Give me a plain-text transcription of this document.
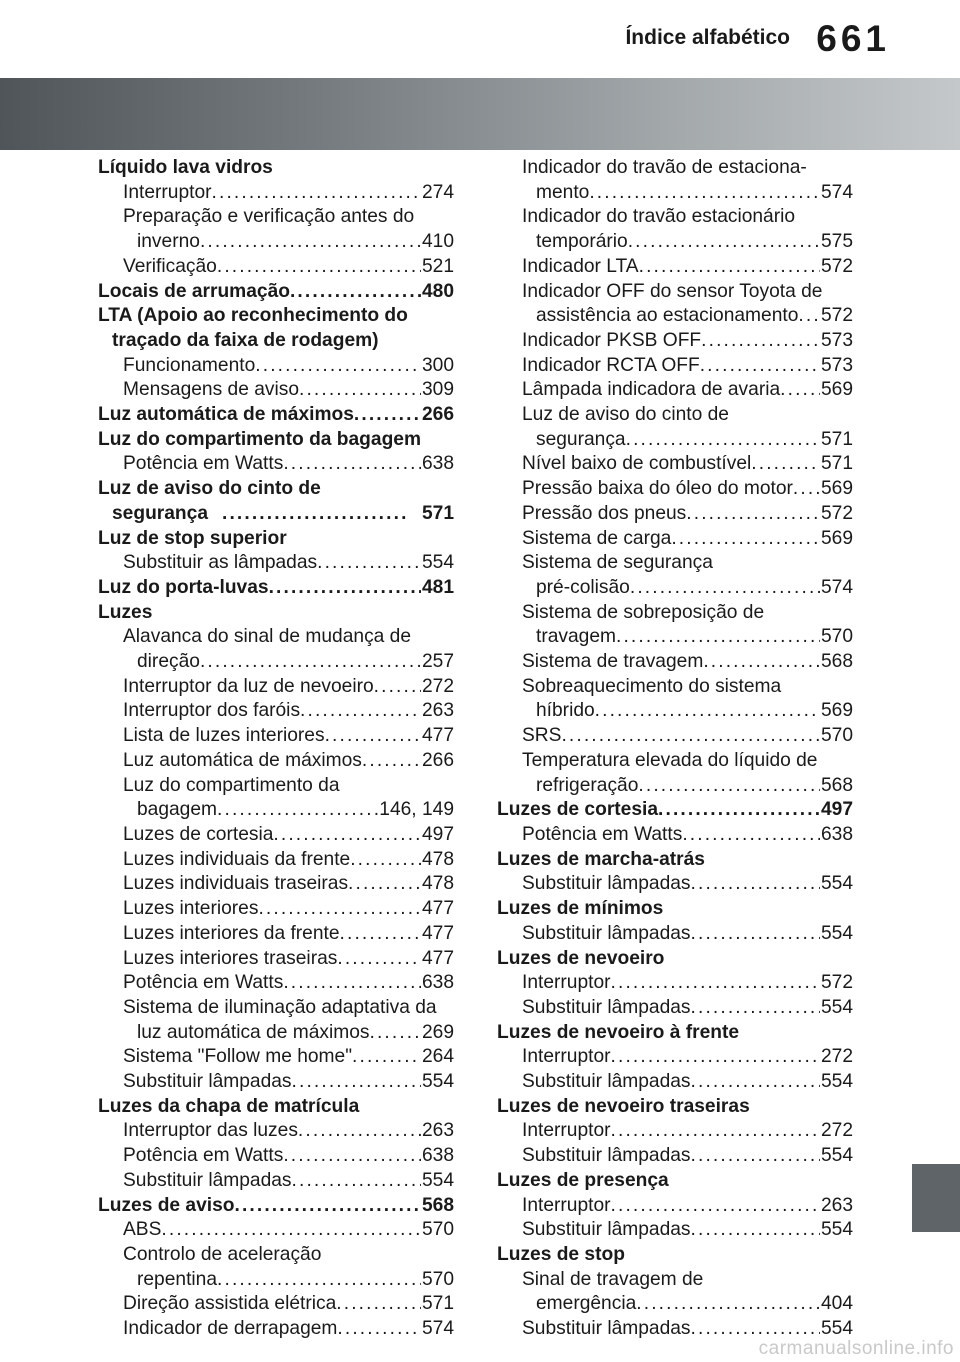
Índice alfabético 661
Líquido lava vidros
Interruptor . . .	274
Preparação e verificação antes do
inverno . . .	410
Verificação . . .	521
Locais de arrumação . . .	480
LTA (Apoio ao reconhecimento do
traçado da faixa de rodagem)
Funcionamento . . .	300
Mensagens de aviso . . .	309
Luz automática de máximos . . .	266
Luz do compartimento da bagagem
Potência em Watts . . .	638
Luz de aviso do cinto de
segurança . . .	571
Luz de stop superior
Substituir as lâmpadas . . .	554
Luz do porta-luvas . . .	481
Luzes
Alavanca do sinal de mudança de
direção . . .	257
Interruptor da luz de nevoeiro . . .	272
Interruptor dos faróis . . .	263
Lista de luzes interiores . . .	477
Luz automática de máximos . . .	266
Luz do compartimento da
bagagem . . .	146, 149
Luzes de cortesia . . .	497
Luzes individuais da frente . . .	478
Luzes individuais traseiras . . .	478
Luzes interiores . . .	477
Luzes interiores da frente . . .	477
Luzes interiores traseiras . . .	477
Potência em Watts . . .	638
Sistema de iluminação adaptativa da
luz automática de máximos . . .	269
Sistema "Follow me home" . . .	264
Substituir lâmpadas . . .	554
Luzes da chapa de matrícula
Interruptor das luzes . . .	263
Potência em Watts . . .	638
Substituir lâmpadas . . .	554
Luzes de aviso . . .	568
ABS . . .	570
Controlo de aceleração
repentina . . .	570
Direção assistida elétrica . . .	571
Indicador de derrapagem . . .	574
Indicador do travão de estaciona-
mento . . .	574
Indicador do travão estacionário
temporário . . .	575
Indicador LTA . . .	572
Indicador OFF do sensor Toyota de
assistência ao estacionamento . . . 572
Indicador PKSB OFF . . .	573
Indicador RCTA OFF . . .	573
Lâmpada indicadora de avaria . . . 569
Luz de aviso do cinto de
segurança . . .	571
Nível baixo de combustível . . .	571
Pressão baixa do óleo do motor . . . 569
Pressão dos pneus . . .	572
Sistema de carga . . .	569
Sistema de segurança
pré-colisão . . .	574
Sistema de sobreposição de
travagem . . .	570
Sistema de travagem . . .	568
Sobreaquecimento do sistema
híbrido . . .	569
SRS . . .	570
Temperatura elevada do líquido de
refrigeração . . .	568
Luzes de cortesia . . .	497
Potência em Watts . . .	638
Luzes de marcha-atrás
Substituir lâmpadas . . .	554
Luzes de mínimos
Substituir lâmpadas . . .	554
Luzes de nevoeiro
Interruptor . . .	572
Substituir lâmpadas . . .	554
Luzes de nevoeiro à frente
Interruptor . . .	272
Substituir lâmpadas . . .	554
Luzes de nevoeiro traseiras
Interruptor . . .	272
Substituir lâmpadas . . .	554
Luzes de presença
Interruptor . . .	263
Substituir lâmpadas . . .	554
Luzes de stop
Sinal de travagem de
emergência . . .	404
Substituir lâmpadas . . .	554
carmanualsonline.info
